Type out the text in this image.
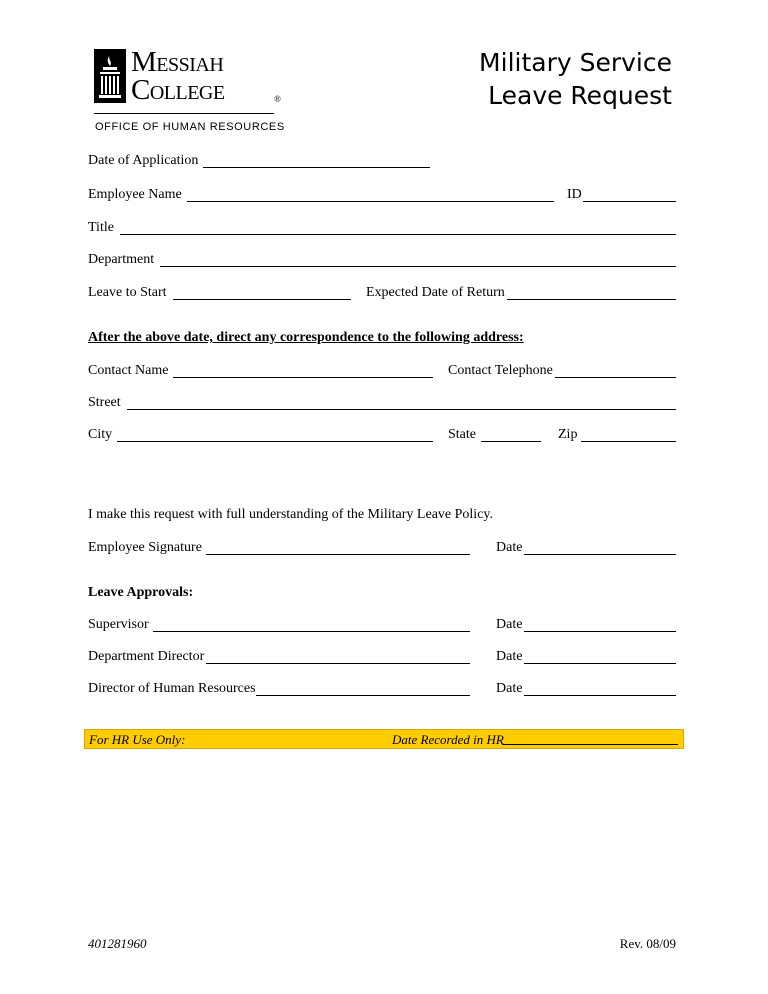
Messiah
College	®
OFFICE OF HUMAN RESOURCES
Military Service
Leave Request
Date of Application
Employee Name	ID
Title
Department
Leave to Start	Expected Date of Return
After the above date, direct any correspondence to the following address:
Contact Name	Contact Telephone
Street
City	State	Zip
I make this request with full understanding of the Military Leave Policy.
Employee Signature	Date
Leave Approvals:
Supervisor	Date
Department Director	Date
Director of Human Resources	Date
For HR Use Only:	Date Recorded in HR
401281960	Rev. 08/09
